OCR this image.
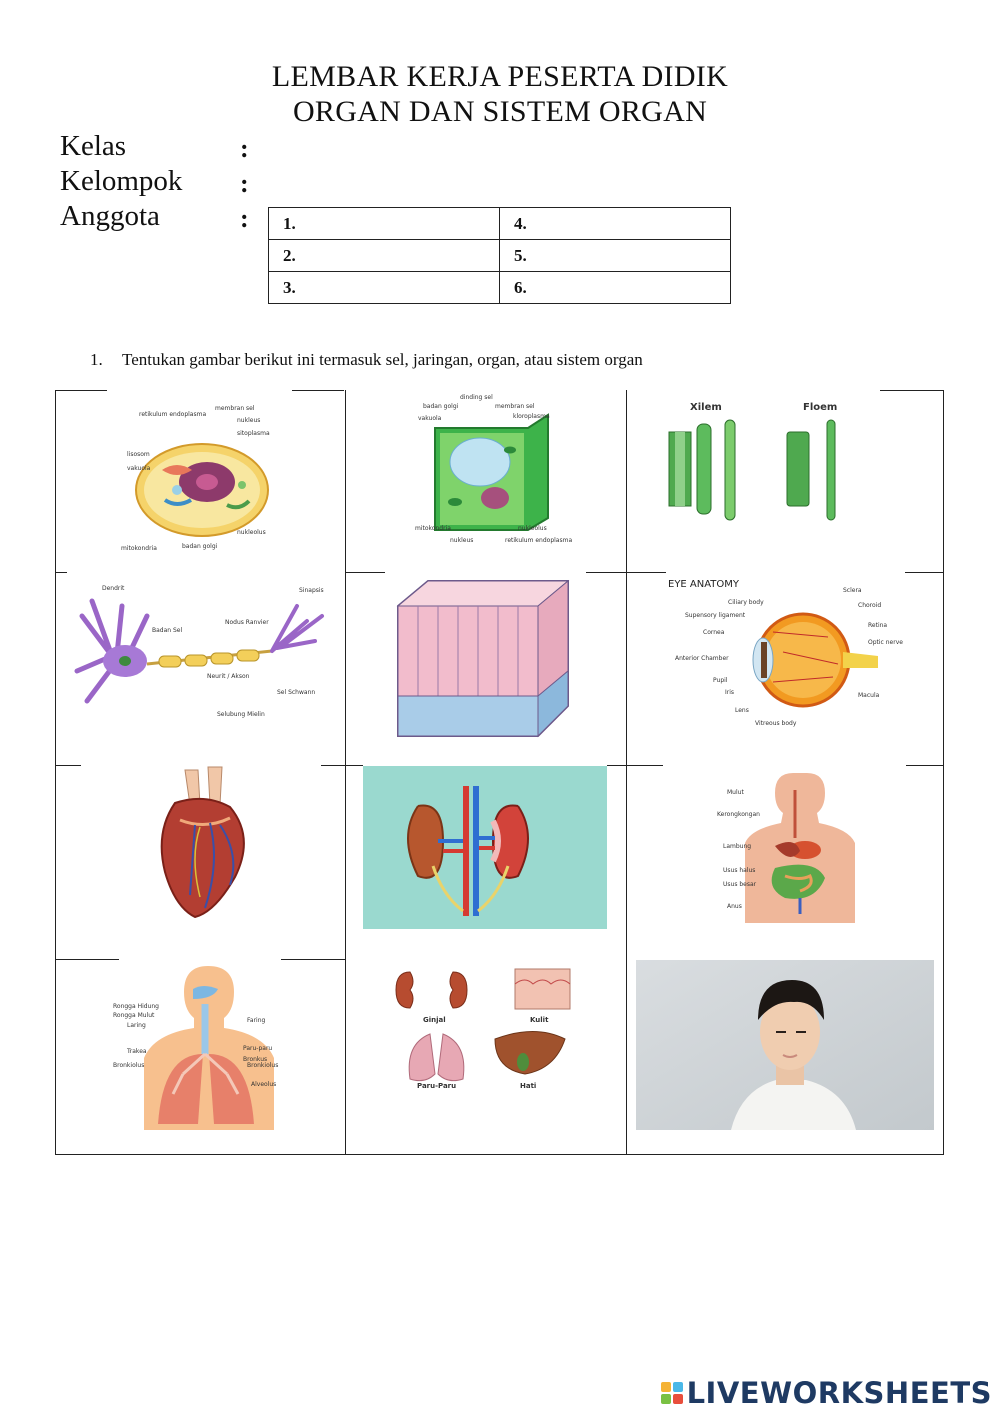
LEMBAR KERJA PESERTA DIDIK
ORGAN DAN SISTEM ORGAN
Kelas	:
Kelompok :
Anggota	: 1.	4.
2.	5.
3.	6.
1. Tentukan gambar berikut ini termasuk sel, jaringan, organ, atau sistem organ
retikulum endoplasma
membran sel
nukleus
sitoplasma
lisosom
vakuola
mitokondria	badan golgi
nukleolus
dinding sel
badan golgi	membran sel
vakuola	kloroplasma
mitokondria	nukleolus
nukleus	retikulum endoplasma
Xilem	Floem
Dendrit	Sinapsis
Badan Sel
Nodus Ranvier
Neurit / Akson
Sel Schwann
Selubung Mielin
EYE ANATOMY
Ciliary body
Supensory ligament
Cornea
Anterior Chamber
Pupil
Iris
Lens
Vitreous body
Sclera
Choroid
Retina
Optic nerve
Macula
Mulut
Kerongkongan
Lambung
Usus halus
Usus besar
Anus
Rongga Hidung
Rongga Mulut
Laring
Faring
Trakea	Paru-paru
Bronkus
Bronkiolus	Bronkiolus
Alveolus
Ginjal	Kulit
Paru-Paru	Hati
LIVEWORKSHEETS
